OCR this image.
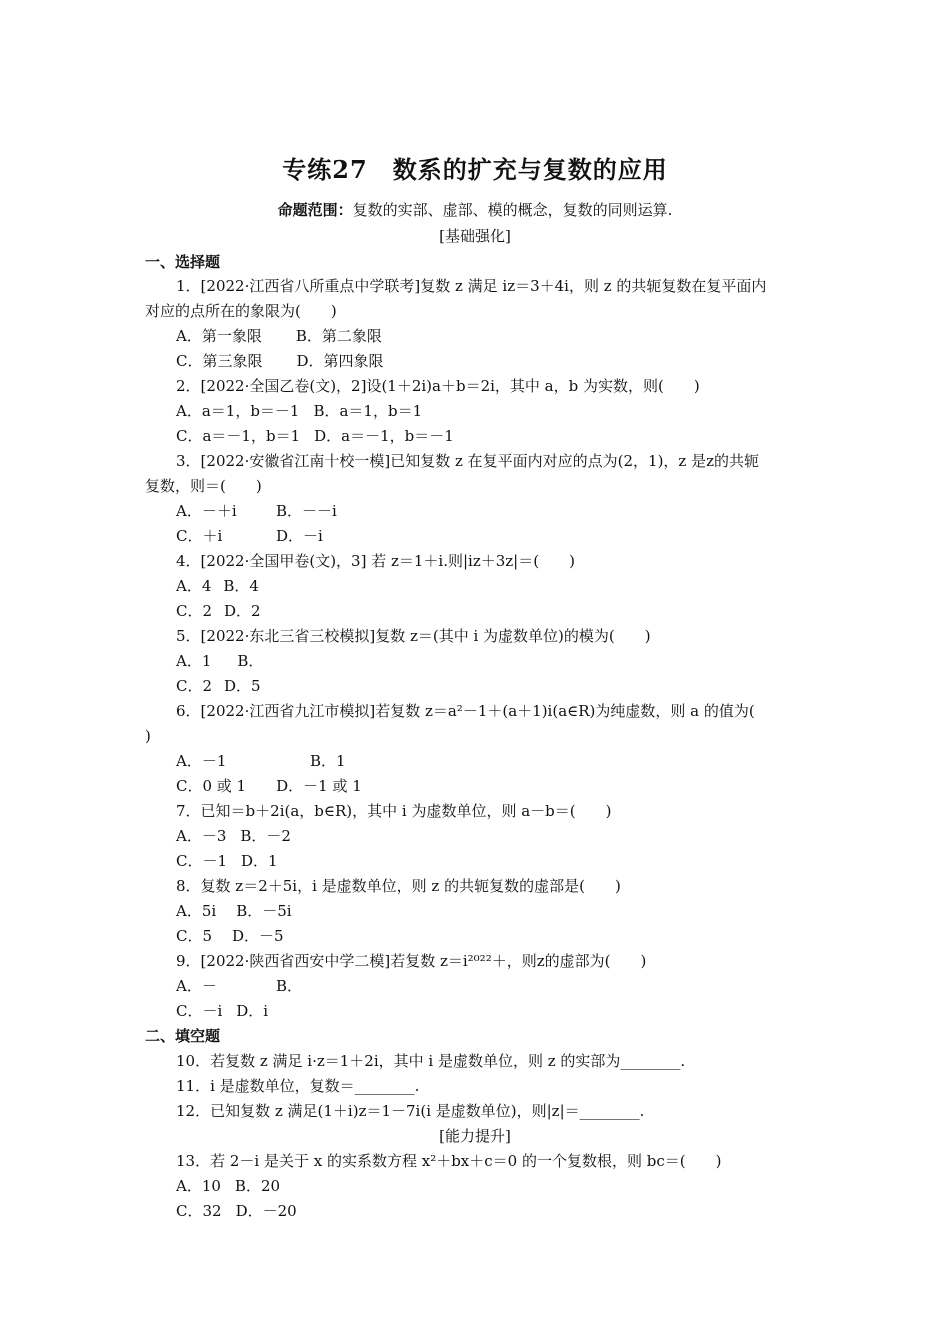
专练27　数系的扩充与复数的应用
命题范围：复数的实部、虚部、模的概念，复数的同则运算.
[基础强化]
一、选择题
1．[2022·江西省八所重点中学联考]复数 z 满足 iz＝3＋4i，则 z 的共轭复数在复平面内
对应的点所在的象限为(　　)
A．第一象限 B．第二象限
C．第三象限 D．第四象限
2．[2022·全国乙卷(文)，2]设(1＋2i)a＋b＝2i，其中 a，b 为实数，则(　　)
A．a＝1，b＝－1 B．a＝1，b＝1
C．a＝－1，b＝1 D．a＝－1，b＝－1
3．[2022·安徽省江南十校一模]已知复数 z 在复平面内对应的点为(2，1)，z 是z的共轭
复数，则＝(　　)
A．－＋i	B．－－i
C．＋i	D．－i
4．[2022·全国甲卷(文)，3] 若 z＝1＋i.则|iz＋3z|＝(　　)
A．4 B．4
C．2 D．2
5．[2022·东北三省三校模拟]复数 z＝(其中 i 为虚数单位)的模为(　　)
A．1 B．
C．2 D．5
6．[2022·江西省九江市模拟]若复数 z＝a²－1＋(a＋1)i(a∈R)为纯虚数，则 a 的值为(
)
A．－1	B．1
C．0 或 1 D．－1 或 1
7．已知＝b＋2i(a，b∈R)，其中 i 为虚数单位，则 a－b＝(　　)
A．－3 B．－2
C．－1 D．1
8．复数 z＝2＋5i，i 是虚数单位，则 z 的共轭复数的虚部是(　　)
A．5i B．－5i
C．5 D．－5
9．[2022·陕西省西安中学二模]若复数 z＝i²⁰²²＋，则z的虚部为(　　)
A．－	B．
C．－i D．i
二、填空题
10．若复数 z 满足 i·z＝1＋2i，其中 i 是虚数单位，则 z 的实部为________.
11．i 是虚数单位，复数＝________.
12．已知复数 z 满足(1＋i)z＝1－7i(i 是虚数单位)，则|z|＝________.
[能力提升]
13．若 2－i 是关于 x 的实系数方程 x²＋bx＋c＝0 的一个复数根，则 bc＝(　　)
A．10 B．20
C．32 D．－20
